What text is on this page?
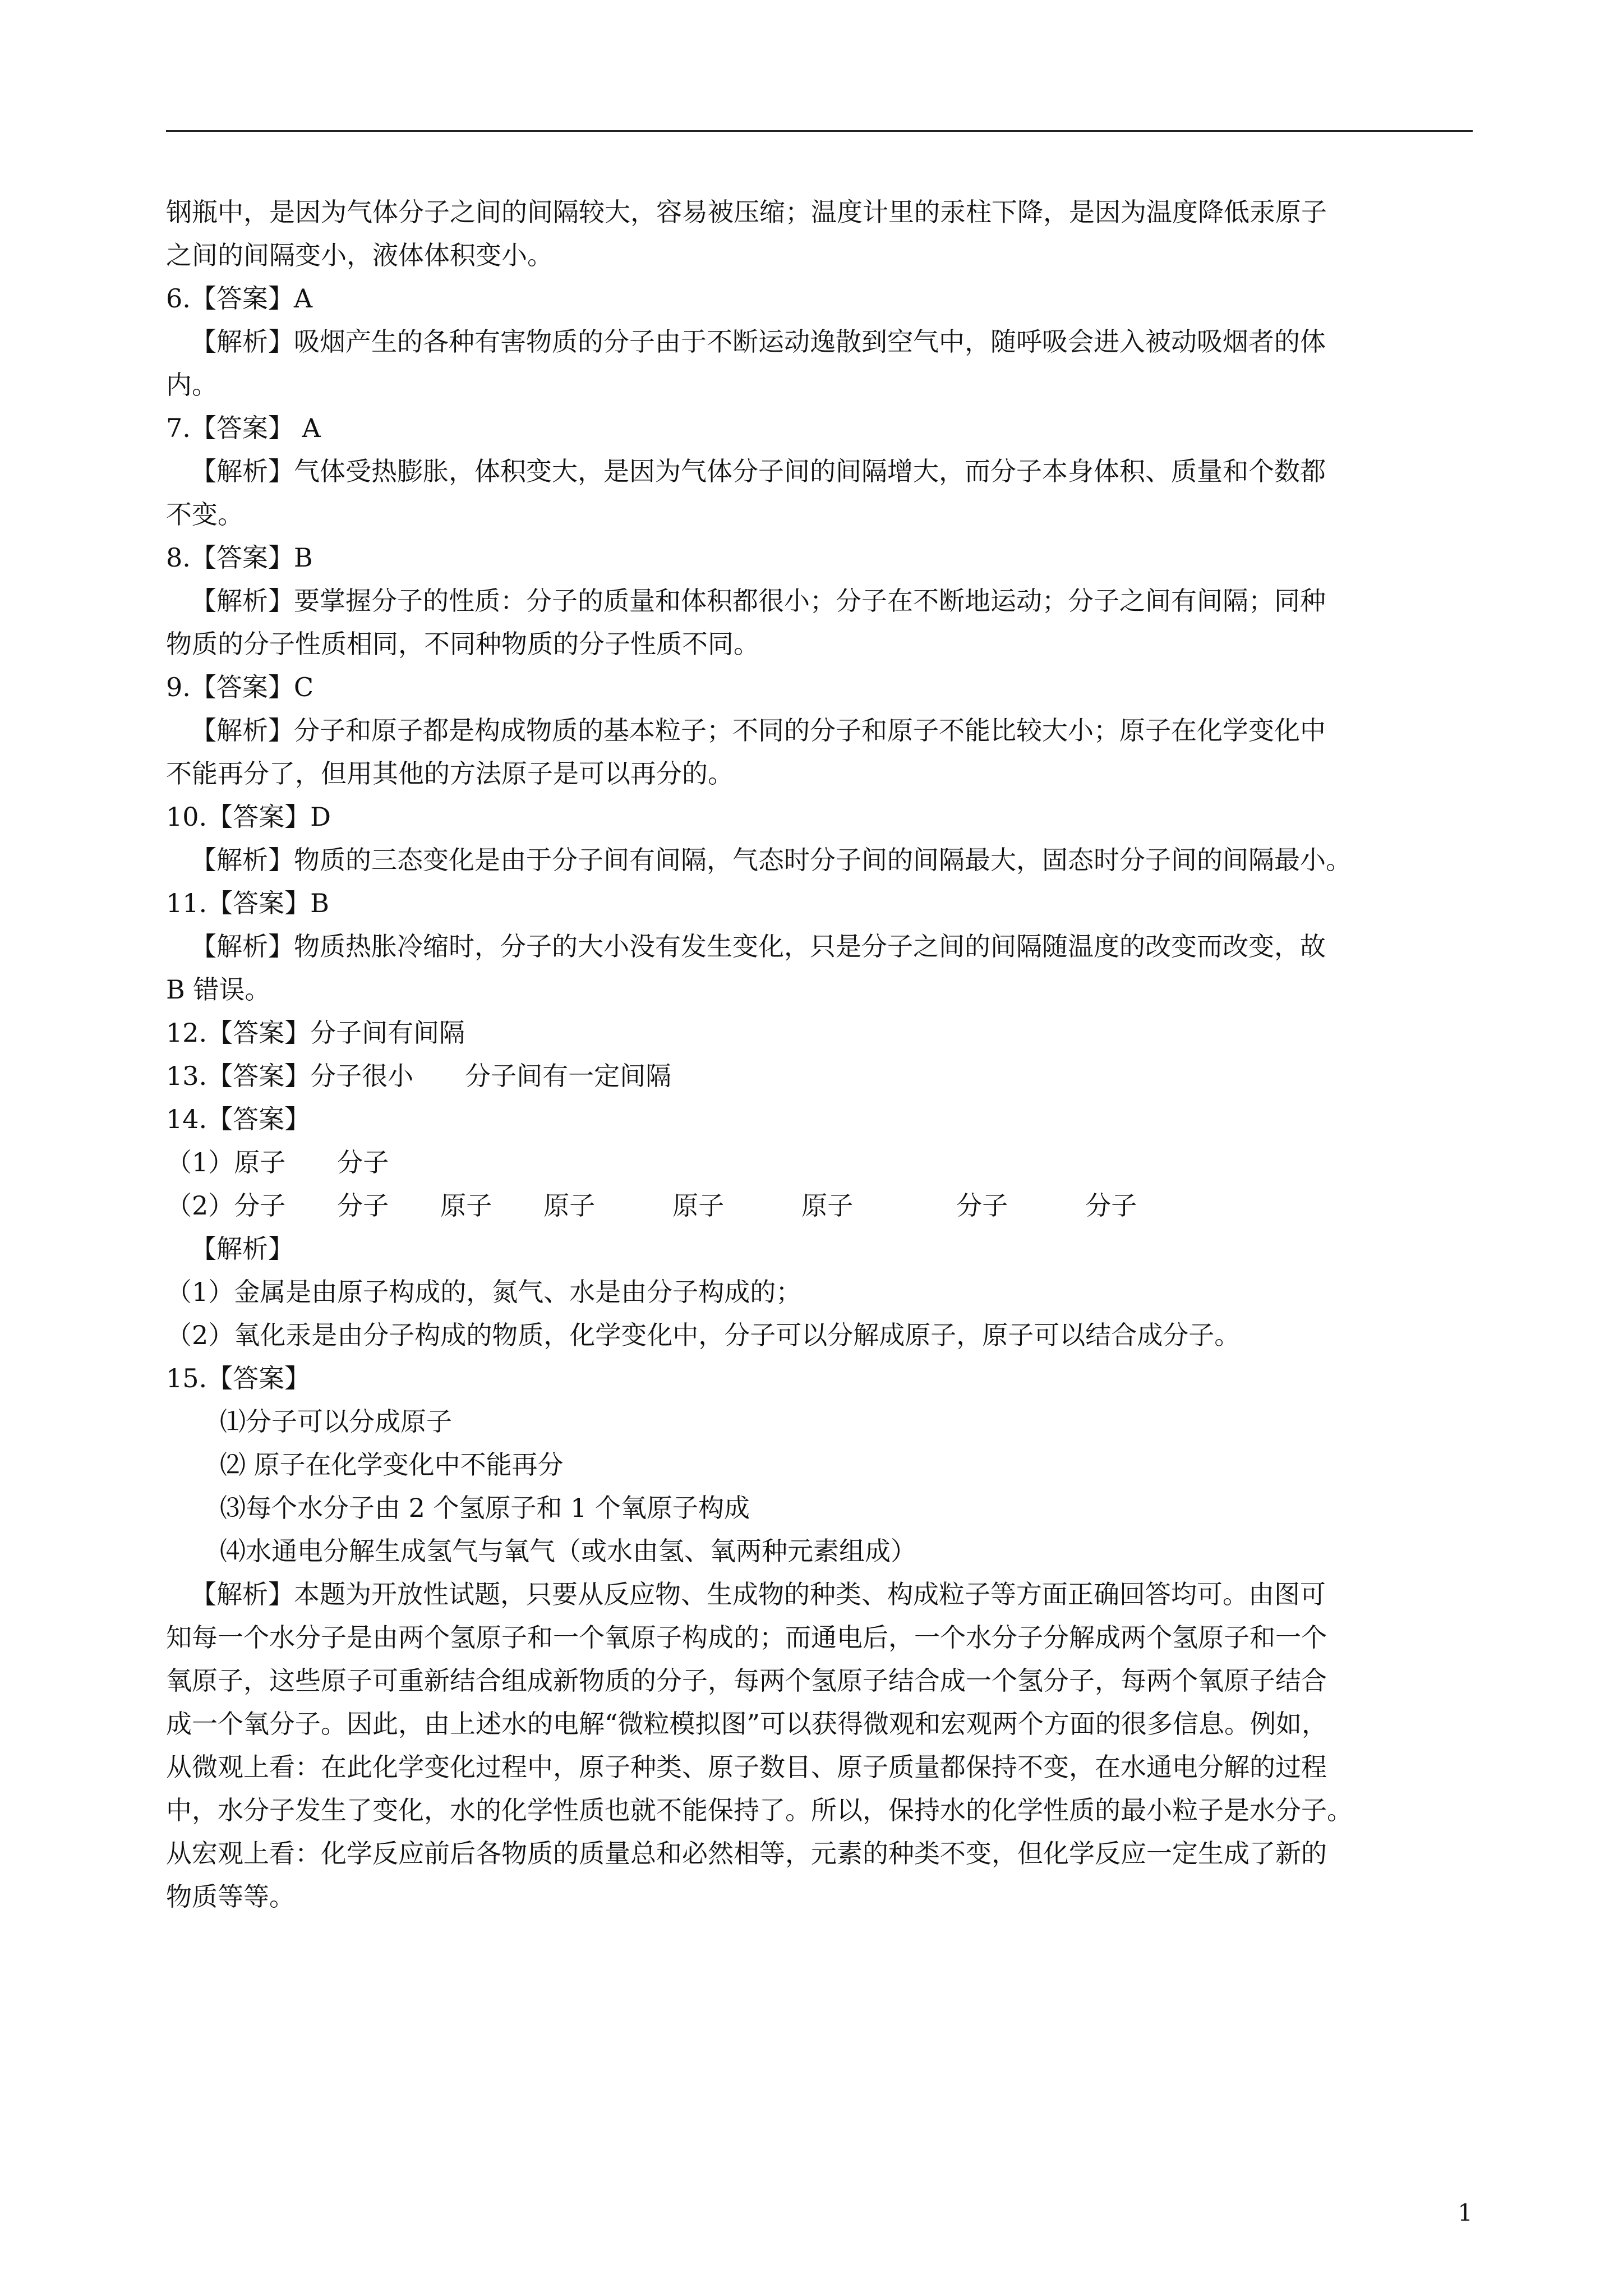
钢瓶中，是因为气体分子之间的间隔较大，容易被压缩；温度计里的汞柱下降，是因为温度降低汞原子
之间的间隔变小，液体体积变小。
6.【答案】A
【解析】吸烟产生的各种有害物质的分子由于不断运动逸散到空气中，随呼吸会进入被动吸烟者的体
内。
7.【答案】 A
【解析】气体受热膨胀，体积变大，是因为气体分子间的间隔增大，而分子本身体积、质量和个数都
不变。
8.【答案】B
【解析】要掌握分子的性质：分子的质量和体积都很小；分子在不断地运动；分子之间有间隔；同种
物质的分子性质相同，不同种物质的分子性质不同。
9.【答案】C
【解析】分子和原子都是构成物质的基本粒子；不同的分子和原子不能比较大小；原子在化学变化中
不能再分了，但用其他的方法原子是可以再分的。
10.【答案】D
【解析】物质的三态变化是由于分子间有间隔，气态时分子间的间隔最大，固态时分子间的间隔最小。
11.【答案】B
【解析】物质热胀冷缩时，分子的大小没有发生变化，只是分子之间的间隔随温度的改变而改变，故
B 错误。
12.【答案】分子间有间隔
13.【答案】分子很小　　分子间有一定间隔
14.【答案】
（1）原子　　分子
（2）分子　　分子　　原子　　原子　　　原子　　　原子　　　　分子　　　分子
【解析】
（1）金属是由原子构成的，氮气、水是由分子构成的；
（2）氧化汞是由分子构成的物质，化学变化中，分子可以分解成原子，原子可以结合成分子。
15.【答案】
⑴分子可以分成原子
⑵ 原子在化学变化中不能再分
⑶每个水分子由 2 个氢原子和 1 个氧原子构成
⑷水通电分解生成氢气与氧气（或水由氢、氧两种元素组成）
【解析】本题为开放性试题，只要从反应物、生成物的种类、构成粒子等方面正确回答均可。由图可
知每一个水分子是由两个氢原子和一个氧原子构成的；而通电后，一个水分子分解成两个氢原子和一个
氧原子，这些原子可重新结合组成新物质的分子，每两个氢原子结合成一个氢分子，每两个氧原子结合
成一个氧分子。因此，由上述水的电解“微粒模拟图”可以获得微观和宏观两个方面的很多信息。例如，
从微观上看：在此化学变化过程中，原子种类、原子数目、原子质量都保持不变，在水通电分解的过程
中，水分子发生了变化，水的化学性质也就不能保持了。所以，保持水的化学性质的最小粒子是水分子。
从宏观上看：化学反应前后各物质的质量总和必然相等，元素的种类不变，但化学反应一定生成了新的
物质等等。
1
